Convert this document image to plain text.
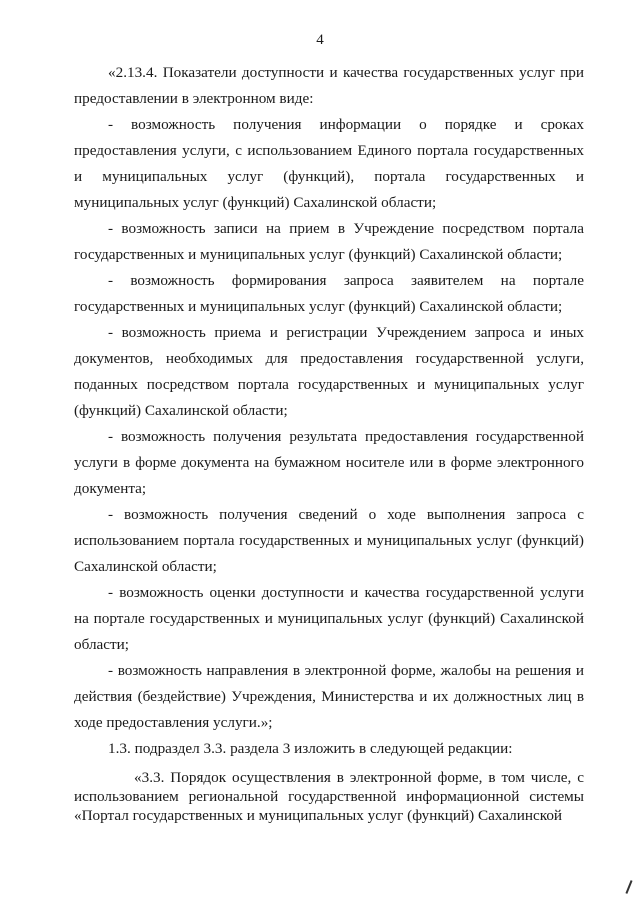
4

«2.13.4. Показатели доступности и качества государственных услуг при предоставлении в электронном виде:

- возможность получения информации о порядке и сроках предоставления услуги, с использованием Единого портала государственных и муниципальных услуг (функций), портала государственных и муниципальных услуг (функций) Сахалинской области;

- возможность записи на прием в Учреждение посредством портала государственных и муниципальных услуг (функций) Сахалинской области;

- возможность формирования запроса заявителем на портале государственных и муниципальных услуг (функций) Сахалинской области;

- возможность приема и регистрации Учреждением запроса и иных документов, необходимых для предоставления государственной услуги, поданных посредством портала государственных и муниципальных услуг (функций) Сахалинской области;

- возможность получения результата предоставления государственной услуги в форме документа на бумажном носителе или в форме электронного документа;

- возможность получения сведений о ходе выполнения запроса с использованием портала государственных и муниципальных услуг (функций) Сахалинской области;

- возможность оценки доступности и качества государственной услуги на портале государственных и муниципальных услуг (функций) Сахалинской области;

- возможность направления в электронной форме, жалобы на решения и действия (бездействие) Учреждения, Министерства и их должностных лиц в ходе предоставления услуги.»;

1.3. подраздел 3.3. раздела 3 изложить в следующей редакции:

«3.3. Порядок осуществления в электронной форме, в том числе, с использованием региональной государственной информационной системы «Портал государственных и муниципальных услуг (функций) Сахалинской
